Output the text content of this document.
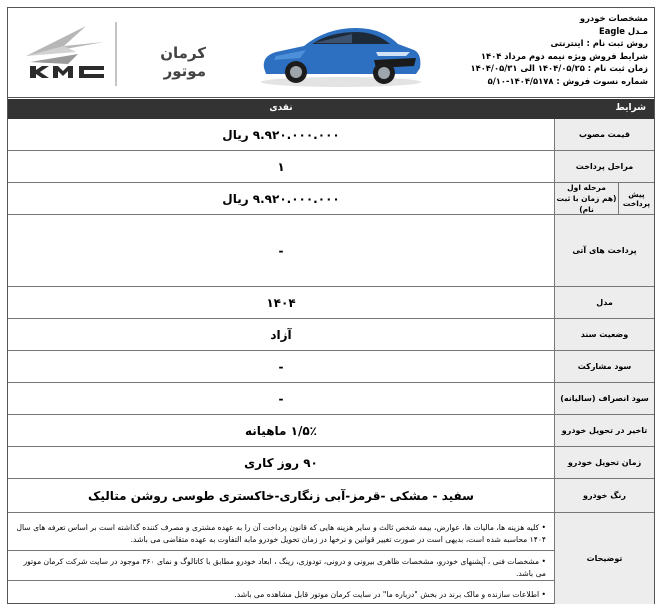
کرمان موتور
مشخصات خودرو
مـدل Eagle
روش ثبت نام : اینترنتی
شرایط فروش ویژه نیمه دوم مرداد ۱۴۰۴
زمان ثبت نام : ۱۴۰۴/۰۵/۲۵ الی ۱۴۰۴/۰۵/۳۱
شماره نسوت فروش : ۱۴۰۴/۵۱۷۸-۵/۱۰
شرایط
نقدی
قیمت مصوب
۹.۹۲۰.۰۰۰.۰۰۰ ریال
مراحل پرداخت
۱
پیش پرداخت
مرحله اول
(هم زمان با ثبت نام)
۹.۹۲۰.۰۰۰.۰۰۰ ریال
پرداخت های آتی
-
مدل
۱۴۰۴
وضعیت سند
آزاد
سود مشارکت
-
سود انصراف (سالیانه)
-
تاخیر در تحویل خودرو
۱/۵٪ ماهیانه
زمان تحویل خودرو
۹۰ روز کاری
رنگ خودرو
سفید - مشکی -قرمز-آبی زنگاری-خاکستری طوسی روشن متالیک
توضیحات
• کلیه هزینه ها، مالیات ها، عوارض، بیمه شخص ثالث و سایر هزینه هایی که قانون پرداخت آن را به عهده مشتری و مصرف کننده گذاشته است بر اساس تعرفه های سال ۱۴۰۴ محاسبه شده است، بدیهی است در صورت تغییر قوانین و نرخها در زمان تحویل خودرو مابه التفاوت به عهده متقاضی می باشد.
• مشخصات فنی ، آپشنهای خودرو، مشخصات ظاهری بیرونی و درونی، تودوزی، رینگ ، ابعاد خودرو مطابق با کاتالوگ و نمای ۳۶۰ موجود در سایت شرکت کرمان موتور می باشد.
• اطلاعات سازنده و مالک برند در بخش "درباره ما" در سایت کرمان موتور قابل مشاهده می باشد.
